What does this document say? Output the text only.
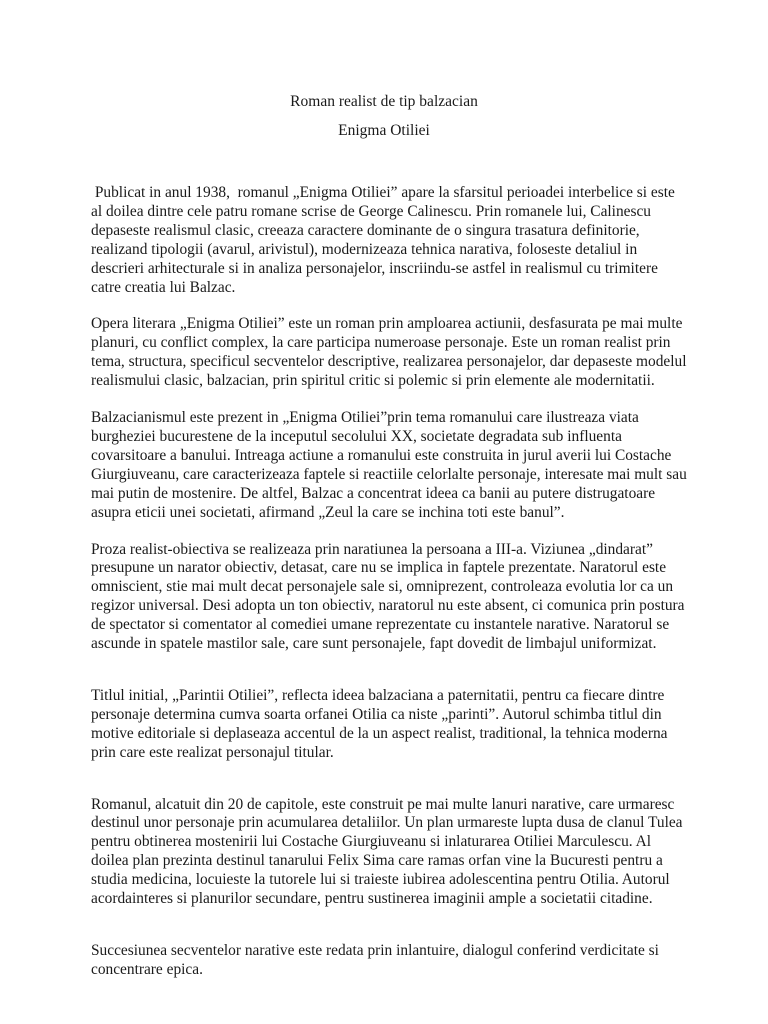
Roman realist de tip balzacian
Enigma Otiliei

Publicat in anul 1938,  romanul „Enigma Otiliei” apare la sfarsitul perioadei interbelice si este al doilea dintre cele patru romane scrise de George Calinescu. Prin romanele lui, Calinescu depaseste realismul clasic, creeaza caractere dominante de o singura trasatura definitorie, realizand tipologii (avarul, arivistul), modernizeaza tehnica narativa, foloseste detaliul in descrieri arhitecturale si in analiza personajelor, inscriindu-se astfel in realismul cu trimitere catre creatia lui Balzac.

Opera literara „Enigma Otiliei” este un roman prin amploarea actiunii, desfasurata pe mai multe planuri, cu conflict complex, la care participa numeroase personaje. Este un roman realist prin tema, structura, specificul secventelor descriptive, realizarea personajelor, dar depaseste modelul realismului clasic, balzacian, prin spiritul critic si polemic si prin elemente ale modernitatii.

Balzacianismul este prezent in „Enigma Otiliei”prin tema romanului care ilustreaza viata burgheziei bucurestene de la inceputul secolului XX, societate degradata sub influenta covarsitoare a banului. Intreaga actiune a romanului este construita in jurul averii lui Costache Giurgiuveanu, care caracterizeaza faptele si reactiile celorlalte personaje, interesate mai mult sau mai putin de mostenire. De altfel, Balzac a concentrat ideea ca banii au putere distrugatoare asupra eticii unei societati, afirmand „Zeul la care se inchina toti este banul”.

Proza realist-obiectiva se realizeaza prin naratiunea la persoana a III-a. Viziunea „dindarat” presupune un narator obiectiv, detasat, care nu se implica in faptele prezentate. Naratorul este omniscient, stie mai mult decat personajele sale si, omniprezent, controleaza evolutia lor ca un regizor universal. Desi adopta un ton obiectiv, naratorul nu este absent, ci comunica prin postura de spectator si comentator al comediei umane reprezentate cu instantele narative. Naratorul se ascunde in spatele mastilor sale, care sunt personajele, fapt dovedit de limbajul uniformizat.

Titlul initial, „Parintii Otiliei”, reflecta ideea balzaciana a paternitatii, pentru ca fiecare dintre personaje determina cumva soarta orfanei Otilia ca niste „parinti”. Autorul schimba titlul din motive editoriale si deplaseaza accentul de la un aspect realist, traditional, la tehnica moderna prin care este realizat personajul titular.

Romanul, alcatuit din 20 de capitole, este construit pe mai multe lanuri narative, care urmaresc destinul unor personaje prin acumularea detaliilor. Un plan urmareste lupta dusa de clanul Tulea pentru obtinerea mostenirii lui Costache Giurgiuveanu si inlaturarea Otiliei Marculescu. Al doilea plan prezinta destinul tanarului Felix Sima care ramas orfan vine la Bucuresti pentru a studia medicina, locuieste la tutorele lui si traieste iubirea adolescentina pentru Otilia. Autorul acordainteres si planurilor secundare, pentru sustinerea imaginii ample a societatii citadine.

Succesiunea secventelor narative este redata prin inlantuire, dialogul conferind verdicitate si concentrare epica.
